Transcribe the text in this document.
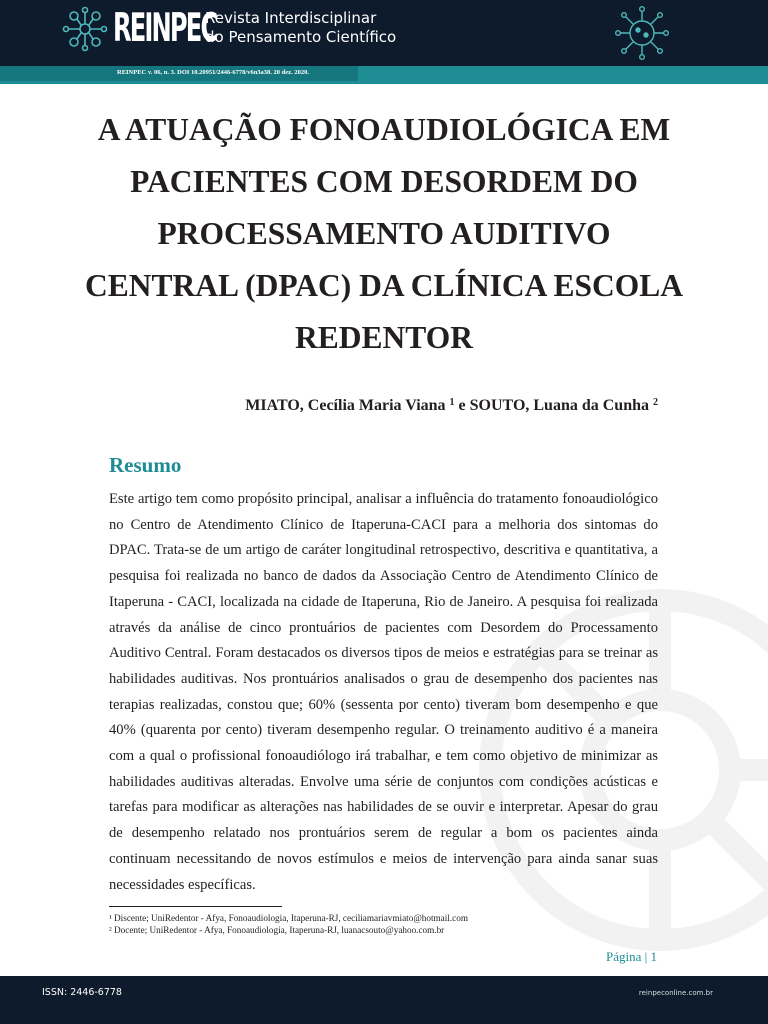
REINPEC
Revista Interdisciplinar
do Pensamento Científico
REINPEC v. 06, n. 3. DOI 10.20951/2446-6778/v6n3a38. 20 dez. 2020.
A ATUAÇÃO FONOAUDIOLÓGICA EM PACIENTES COM DESORDEM DO PROCESSAMENTO AUDITIVO CENTRAL (DPAC) DA CLÍNICA ESCOLA REDENTOR
MIATO, Cecília Maria Viana $^1$ e SOUTO, Luana da Cunha $^2$
Resumo

Este artigo tem como propósito principal, analisar a influência do tratamento fonoaudiológico no Centro de Atendimento Clínico de Itaperuna-CACI para a melhoria dos sintomas do DPAC. Trata-se de um artigo de caráter longitudinal retrospectivo, descritiva e quantitativa, a pesquisa foi realizada no banco de dados da Associação Centro de Atendimento Clínico de Itaperuna - CACI, localizada na cidade de Itaperuna, Rio de Janeiro. A pesquisa foi realizada através da análise de cinco prontuários de pacientes com Desordem do Processamento Auditivo Central. Foram destacados os diversos tipos de meios e estratégias para se treinar as habilidades auditivas. Nos prontuários analisados o grau de desempenho dos pacientes nas terapias realizadas, constou que; 60% (sessenta por cento) tiveram bom desempenho e que 40% (quarenta por cento) tiveram desempenho regular. O treinamento auditivo é a maneira com a qual o profissional fonoaudiólogo irá trabalhar, e tem como objetivo de minimizar as habilidades auditivas alteradas. Envolve uma série de conjuntos com condições acústicas e tarefas para modificar as alterações nas habilidades de se ouvir e interpretar. Apesar do grau de desempenho relatado nos prontuários serem de regular a bom os pacientes ainda continuam necessitando de novos estímulos e meios de intervenção para ainda sanar suas necessidades específicas.

¹ Discente; UniRedentor - Afya, Fonoaudiologia, Itaperuna-RJ, ceciliamariavmiato@hotmail.com
² Docente; UniRedentor - Afya, Fonoaudiologia, Itaperuna-RJ, luanacsouto@yahoo.com.br
Página | 1
ISSN: 2446-6778	reinpeconline.com.br
